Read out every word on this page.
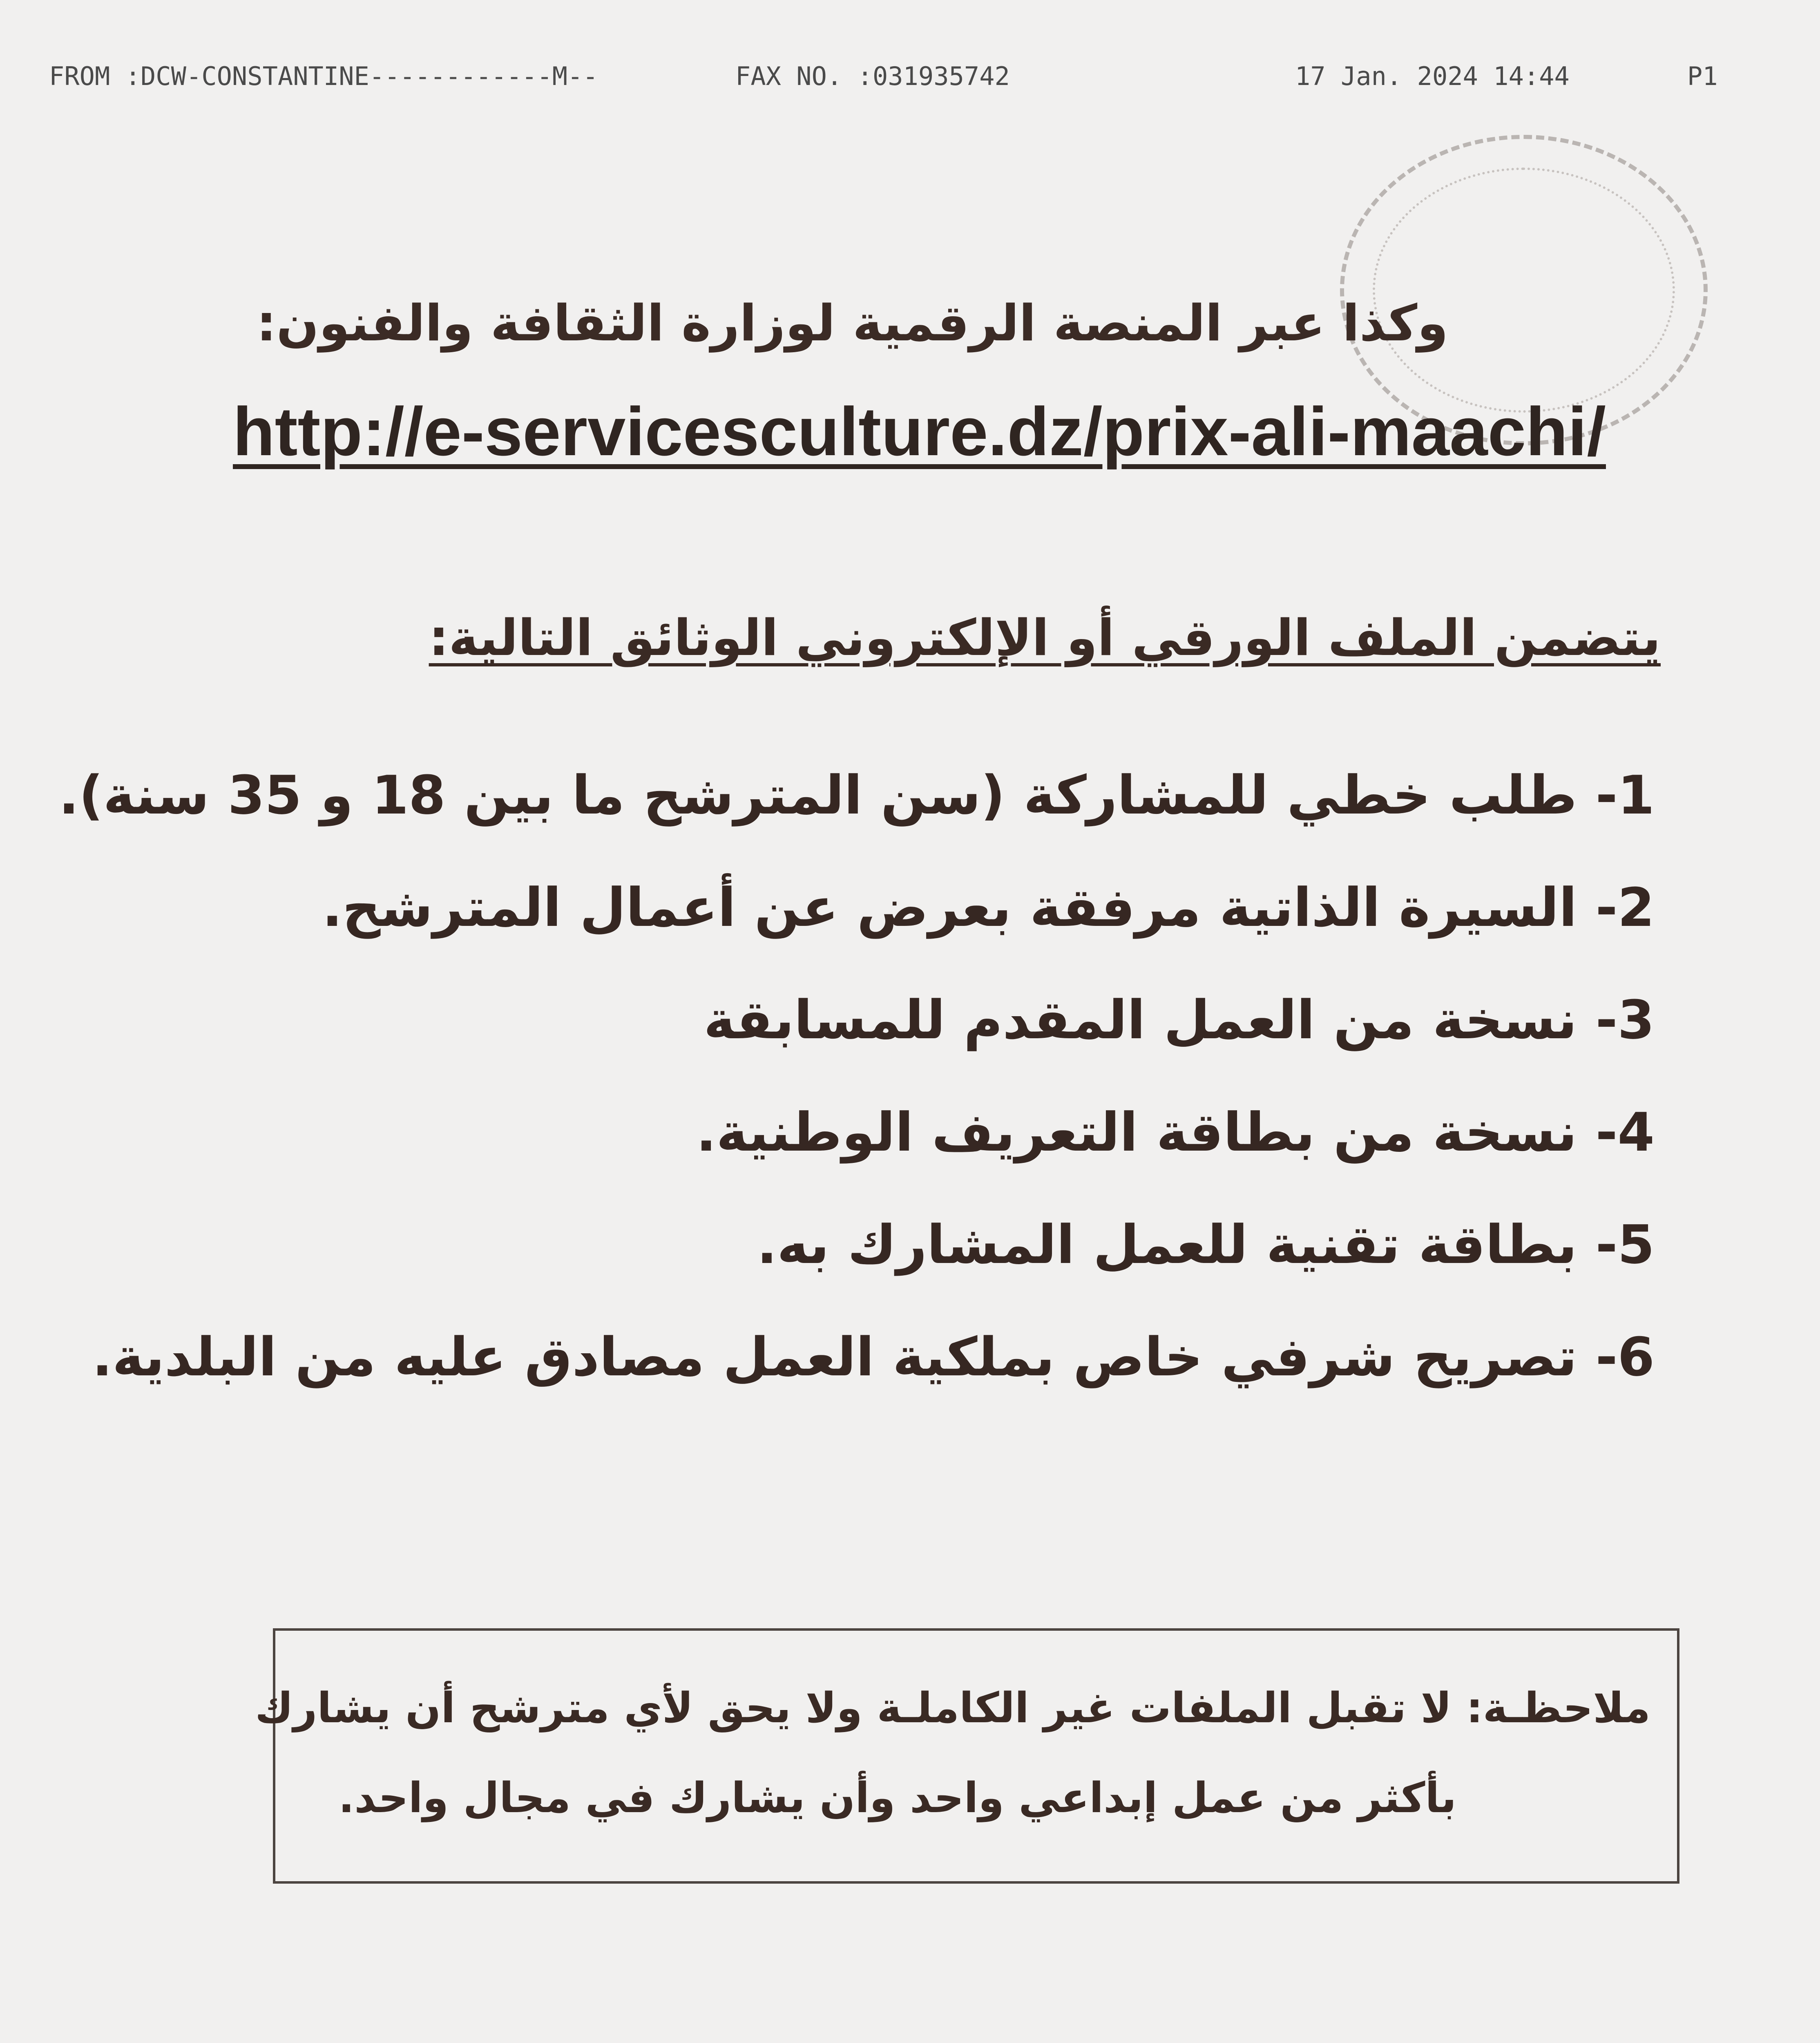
FROM :DCW-CONSTANTINE------------M--	FAX NO. :031935742	17 Jan. 2024 14:44	P1
وكذا عبر المنصة الرقمية لوزارة الثقافة والفنون:
http://e-servicesculture.dz/prix-ali-maachi/
يتضمن الملف الورقي أو الإلكتروني الوثائق التالية:
1- طلب خطي للمشاركة (سن المترشح ما بين 18 و 35 سنة).
2- السيرة الذاتية مرفقة بعرض عن أعمال المترشح.
3- نسخة من العمل المقدم للمسابقة
4- نسخة من بطاقة التعريف الوطنية.
5- بطاقة تقنية للعمل المشارك به.
6- تصريح شرفي خاص بملكية العمل مصادق عليه من البلدية.
ملاحظـة: لا تقبل الملفات غير الكاملـة ولا يحق لأي مترشح أن يشارك
بأكثر من عمل إبداعي واحد وأن يشارك في مجال واحد.
